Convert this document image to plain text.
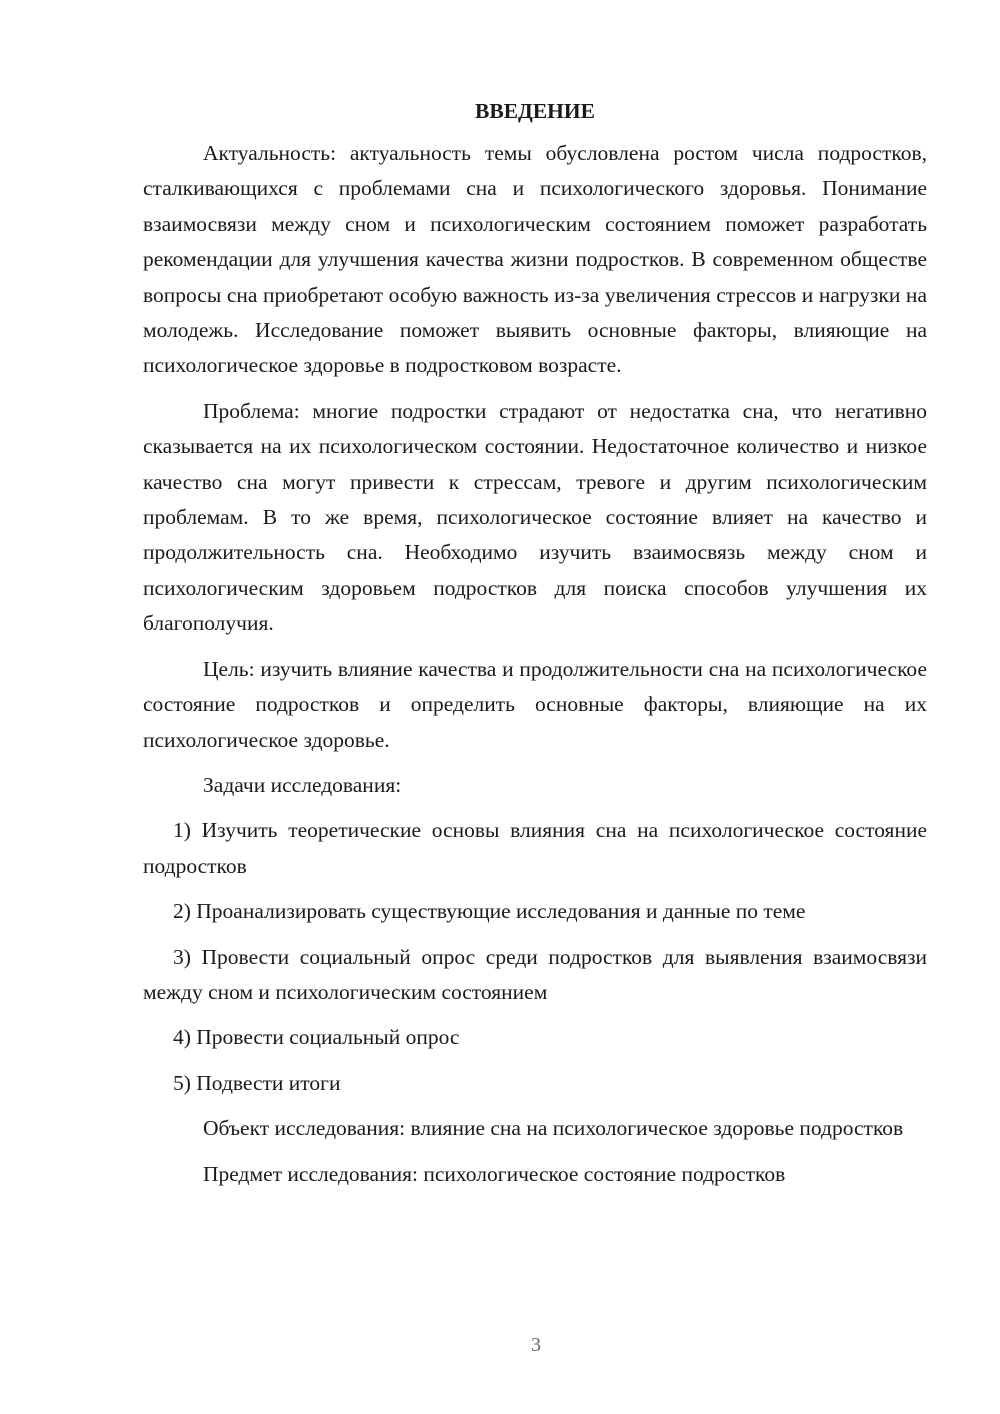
ВВЕДЕНИЕ

Актуальность: актуальность темы обусловлена ростом числа подростков, сталкивающихся с проблемами сна и психологического здоровья. Понимание взаимосвязи между сном и психологическим состоянием поможет разработать рекомендации для улучшения качества жизни подростков. В современном обществе вопросы сна приобретают особую важность из-за увеличения стрессов и нагрузки на молодежь. Исследование поможет выявить основные факторы, влияющие на психологическое здоровье в подростковом возрасте.

Проблема: многие подростки страдают от недостатка сна, что негативно сказывается на их психологическом состоянии. Недостаточное количество и низкое качество сна могут привести к стрессам, тревоге и другим психологическим проблемам. В то же время, психологическое состояние влияет на качество и продолжительность сна. Необходимо изучить взаимосвязь между сном и психологическим здоровьем подростков для поиска способов улучшения их благополучия.

Цель: изучить влияние качества и продолжительности сна на психологическое состояние подростков и определить основные факторы, влияющие на их психологическое здоровье.

Задачи исследования:

1) Изучить теоретические основы влияния сна на психологическое состояние подростков

2) Проанализировать существующие исследования и данные по теме

3) Провести социальный опрос среди подростков для выявления взаимосвязи между сном и психологическим состоянием

4) Провести социальный опрос

5) Подвести итоги

Объект исследования: влияние сна на психологическое здоровье подростков

Предмет исследования: психологическое состояние подростков

3
